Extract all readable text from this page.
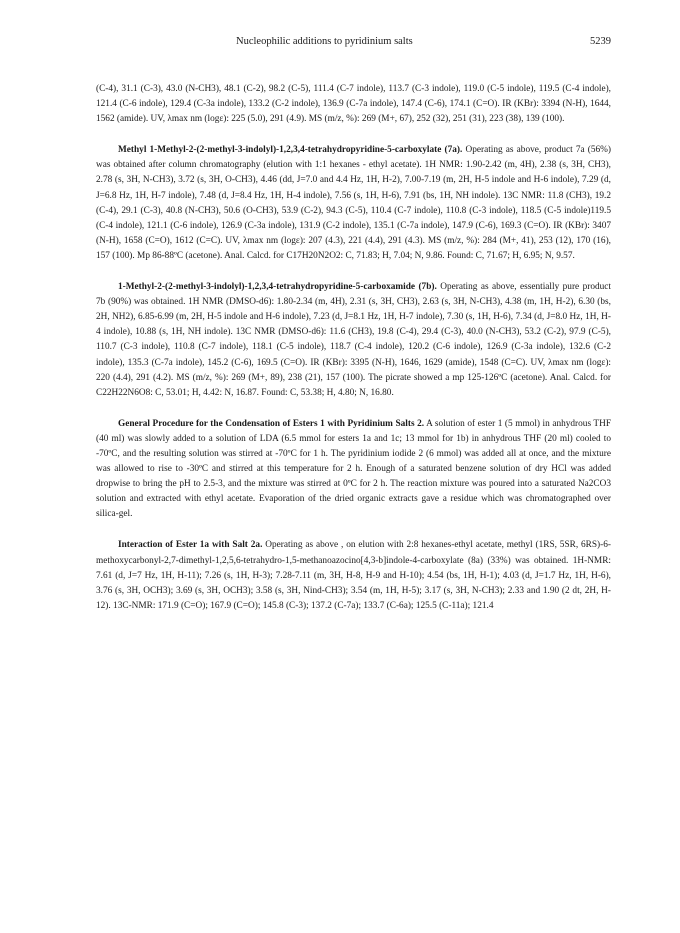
Nucleophilic additions to pyridinium salts	5239

(C-4), 31.1 (C-3), 43.0 (N-CH3), 48.1 (C-2), 98.2 (C-5), 111.4 (C-7 indole), 113.7 (C-3 indole), 119.0 (C-5 indole), 119.5 (C-4 indole), 121.4 (C-6 indole), 129.4 (C-3a indole), 133.2 (C-2 indole), 136.9 (C-7a indole), 147.4 (C-6), 174.1 (C=O). IR (KBr): 3394 (N-H), 1644, 1562 (amide). UV, λmax nm (logε): 225 (5.0), 291 (4.9). MS (m/z, %): 269 (M+, 67), 252 (32), 251 (31), 223 (38), 139 (100).

Methyl 1-Methyl-2-(2-methyl-3-indolyl)-1,2,3,4-tetrahydropyridine-5-carboxylate (7a). Operating as above, product 7a (56%) was obtained after column chromatography (elution with 1:1 hexanes - ethyl acetate). 1H NMR: 1.90-2.42 (m, 4H), 2.38 (s, 3H, CH3), 2.78 (s, 3H, N-CH3), 3.72 (s, 3H, O-CH3), 4.46 (dd, J=7.0 and 4.4 Hz, 1H, H-2), 7.00-7.19 (m, 2H, H-5 indole and H-6 indole), 7.29 (d, J=6.8 Hz, 1H, H-7 indole), 7.48 (d, J=8.4 Hz, 1H, H-4 indole), 7.56 (s, 1H, H-6), 7.91 (bs, 1H, NH indole). 13C NMR: 11.8 (CH3), 19.2 (C-4), 29.1 (C-3), 40.8 (N-CH3), 50.6 (O-CH3), 53.9 (C-2), 94.3 (C-5), 110.4 (C-7 indole), 110.8 (C-3 indole), 118.5 (C-5 indole)119.5 (C-4 indole), 121.1 (C-6 indole), 126.9 (C-3a indole), 131.9 (C-2 indole), 135.1 (C-7a indole), 147.9 (C-6), 169.3 (C=O). IR (KBr): 3407 (N-H), 1658 (C=O), 1612 (C=C). UV, λmax nm (logε): 207 (4.3), 221 (4.4), 291 (4.3). MS (m/z, %): 284 (M+, 41), 253 (12), 170 (16), 157 (100). Mp 86-88ºC (acetone). Anal. Calcd. for C17H20N2O2: C, 71.83; H, 7.04; N, 9.86. Found: C, 71.67; H, 6.95; N, 9.57.

1-Methyl-2-(2-methyl-3-indolyl)-1,2,3,4-tetrahydropyridine-5-carboxamide (7b). Operating as above, essentially pure product 7b (90%) was obtained. 1H NMR (DMSO-d6): 1.80-2.34 (m, 4H), 2.31 (s, 3H, CH3), 2.63 (s, 3H, N-CH3), 4.38 (m, 1H, H-2), 6.30 (bs, 2H, NH2), 6.85-6.99 (m, 2H, H-5 indole and H-6 indole), 7.23 (d, J=8.1 Hz, 1H, H-7 indole), 7.30 (s, 1H, H-6), 7.34 (d, J=8.0 Hz, 1H, H-4 indole), 10.88 (s, 1H, NH indole). 13C NMR (DMSO-d6): 11.6 (CH3), 19.8 (C-4), 29.4 (C-3), 40.0 (N-CH3), 53.2 (C-2), 97.9 (C-5), 110.7 (C-3 indole), 110.8 (C-7 indole), 118.1 (C-5 indole), 118.7 (C-4 indole), 120.2 (C-6 indole), 126.9 (C-3a indole), 132.6 (C-2 indole), 135.3 (C-7a indole), 145.2 (C-6), 169.5 (C=O). IR (KBr): 3395 (N-H), 1646, 1629 (amide), 1548 (C=C). UV, λmax nm (logε): 220 (4.4), 291 (4.2). MS (m/z, %): 269 (M+, 89), 238 (21), 157 (100). The picrate showed a mp 125-126ºC (acetone). Anal. Calcd. for C22H22N6O8: C, 53.01; H, 4.42: N, 16.87. Found: C, 53.38; H, 4.80; N, 16.80.

General Procedure for the Condensation of Esters 1 with Pyridinium Salts 2. A solution of ester 1 (5 mmol) in anhydrous THF (40 ml) was slowly added to a solution of LDA (6.5 mmol for esters 1a and 1c; 13 mmol for 1b) in anhydrous THF (20 ml) cooled to -70ºC, and the resulting solution was stirred at -70ºC for 1 h. The pyridinium iodide 2 (6 mmol) was added all at once, and the mixture was allowed to rise to -30ºC and stirred at this temperature for 2 h. Enough of a saturated benzene solution of dry HCl was added dropwise to bring the pH to 2.5-3, and the mixture was stirred at 0ºC for 2 h. The reaction mixture was poured into a saturated Na2CO3 solution and extracted with ethyl acetate. Evaporation of the dried organic extracts gave a residue which was chromatographed over silica-gel.

Interaction of Ester 1a with Salt 2a. Operating as above , on elution with 2:8 hexanes-ethyl acetate, methyl (1RS, 5SR, 6RS)-6-methoxycarbonyl-2,7-dimethyl-1,2,5,6-tetrahydro-1,5-methanoazocino[4,3-b]indole-4-carboxylate (8a) (33%) was obtained. 1H-NMR: 7.61 (d, J=7 Hz, 1H, H-11); 7.26 (s, 1H, H-3); 7.28-7.11 (m, 3H, H-8, H-9 and H-10); 4.54 (bs, 1H, H-1); 4.03 (d, J=1.7 Hz, 1H, H-6), 3.76 (s, 3H, OCH3); 3.69 (s, 3H, OCH3); 3.58 (s, 3H, Nind-CH3); 3.54 (m, 1H, H-5); 3.17 (s, 3H, N-CH3); 2.33 and 1.90 (2 dt, 2H, H-12). 13C-NMR: 171.9 (C=O); 167.9 (C=O); 145.8 (C-3); 137.2 (C-7a); 133.7 (C-6a); 125.5 (C-11a); 121.4
